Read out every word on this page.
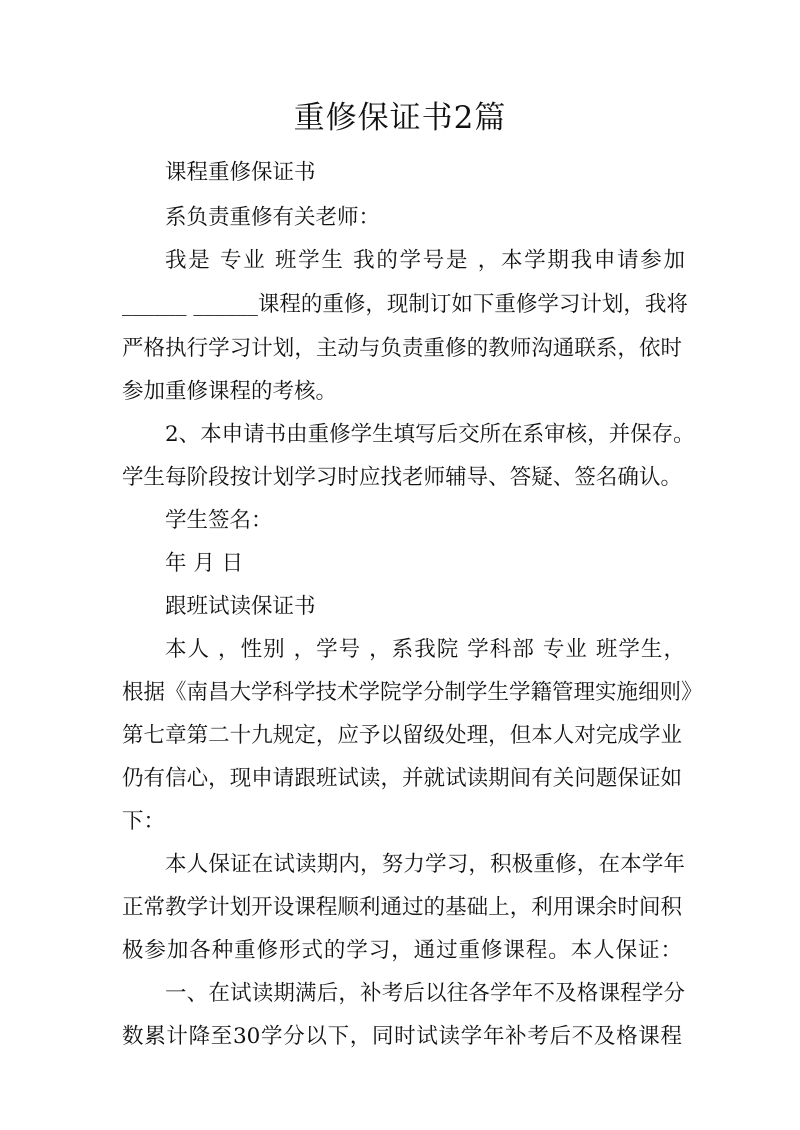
重修保证书2篇
课程重修保证书
系负责重修有关老师：
我是 专业 班学生 我的学号是 ，本学期我申请参加
______ ______课程的重修，现制订如下重修学习计划，我将
严格执行学习计划，主动与负责重修的教师沟通联系，依时
参加重修课程的考核。
2、本申请书由重修学生填写后交所在系审核，并保存。
学生每阶段按计划学习时应找老师辅导、答疑、签名确认。
学生签名：
年 月 日
跟班试读保证书
本人 ，性别 ，学号 ，系我院 学科部 专业 班学生，
根据《南昌大学科学技术学院学分制学生学籍管理实施细则》
第七章第二十九规定，应予以留级处理，但本人对完成学业
仍有信心，现申请跟班试读，并就试读期间有关问题保证如
下：
本人保证在试读期内，努力学习，积极重修，在本学年
正常教学计划开设课程顺利通过的基础上，利用课余时间积
极参加各种重修形式的学习，通过重修课程。本人保证：
一、在试读期满后，补考后以往各学年不及格课程学分
数累计降至30学分以下，同时试读学年补考后不及格课程
